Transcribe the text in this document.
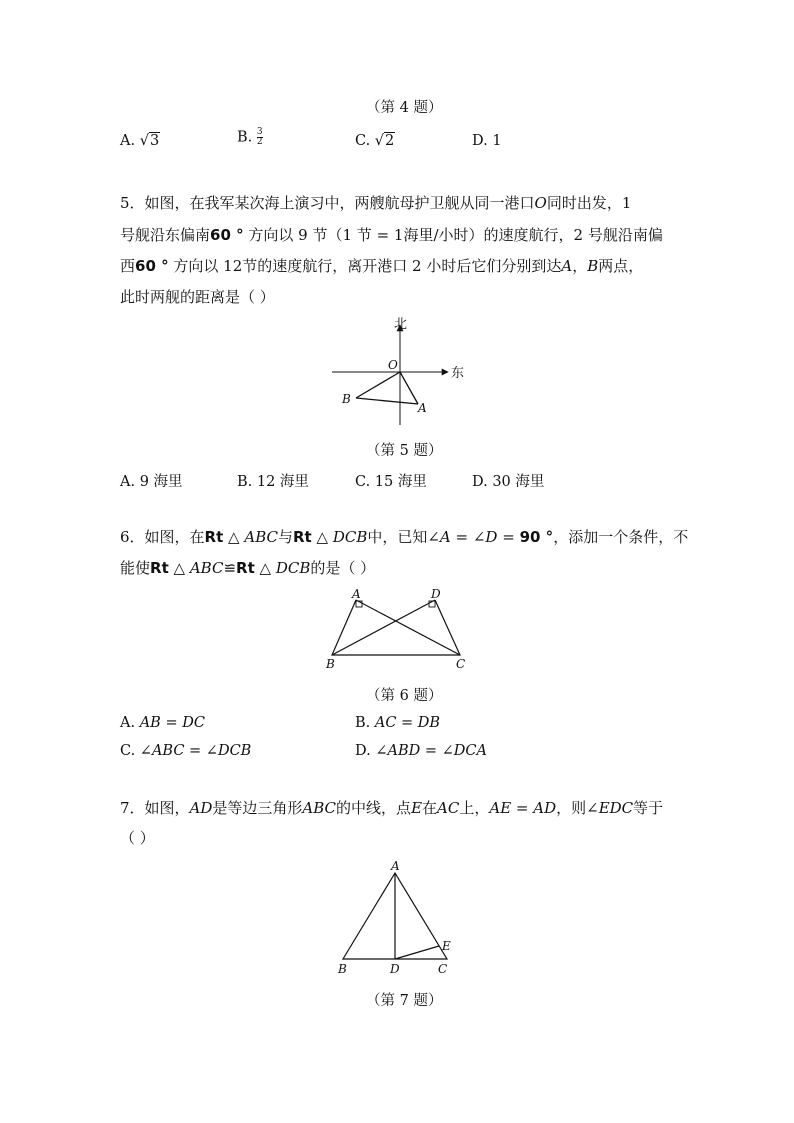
（第 4 题）
A. √3	B. $\frac{3}{2}$	C. √2	D. 1
5．如图，在我军某次海上演习中，两艘航母护卫舰从同一港口O同时出发，1
号舰沿东偏南60 ° 方向以 9 节（1 节 = 1海里/小时）的速度航行，2 号舰沿南偏
西60 ° 方向以 12节的速度航行，离开港口 2 小时后它们分别到达A，B两点，
此时两舰的距离是（ ）
北
东
O
B
A
（第 5 题）
A. 9 海里	B. 12 海里	C. 15 海里	D. 30 海里
6．如图，在Rt △ ABC与Rt △ DCB中，已知∠A = ∠D = 90 °，添加一个条件，不
能使Rt △ ABC≌Rt △ DCB的是（ ）
A	D
B	C
（第 6 题）
A. AB = DC	B. AC = DB
C. ∠ABC = ∠DCB	D. ∠ABD = ∠DCA
7．如图，AD是等边三角形ABC的中线，点E在AC上，AE = AD，则∠EDC等于
（ ）
A
B	D	C
E
（第 7 题）
